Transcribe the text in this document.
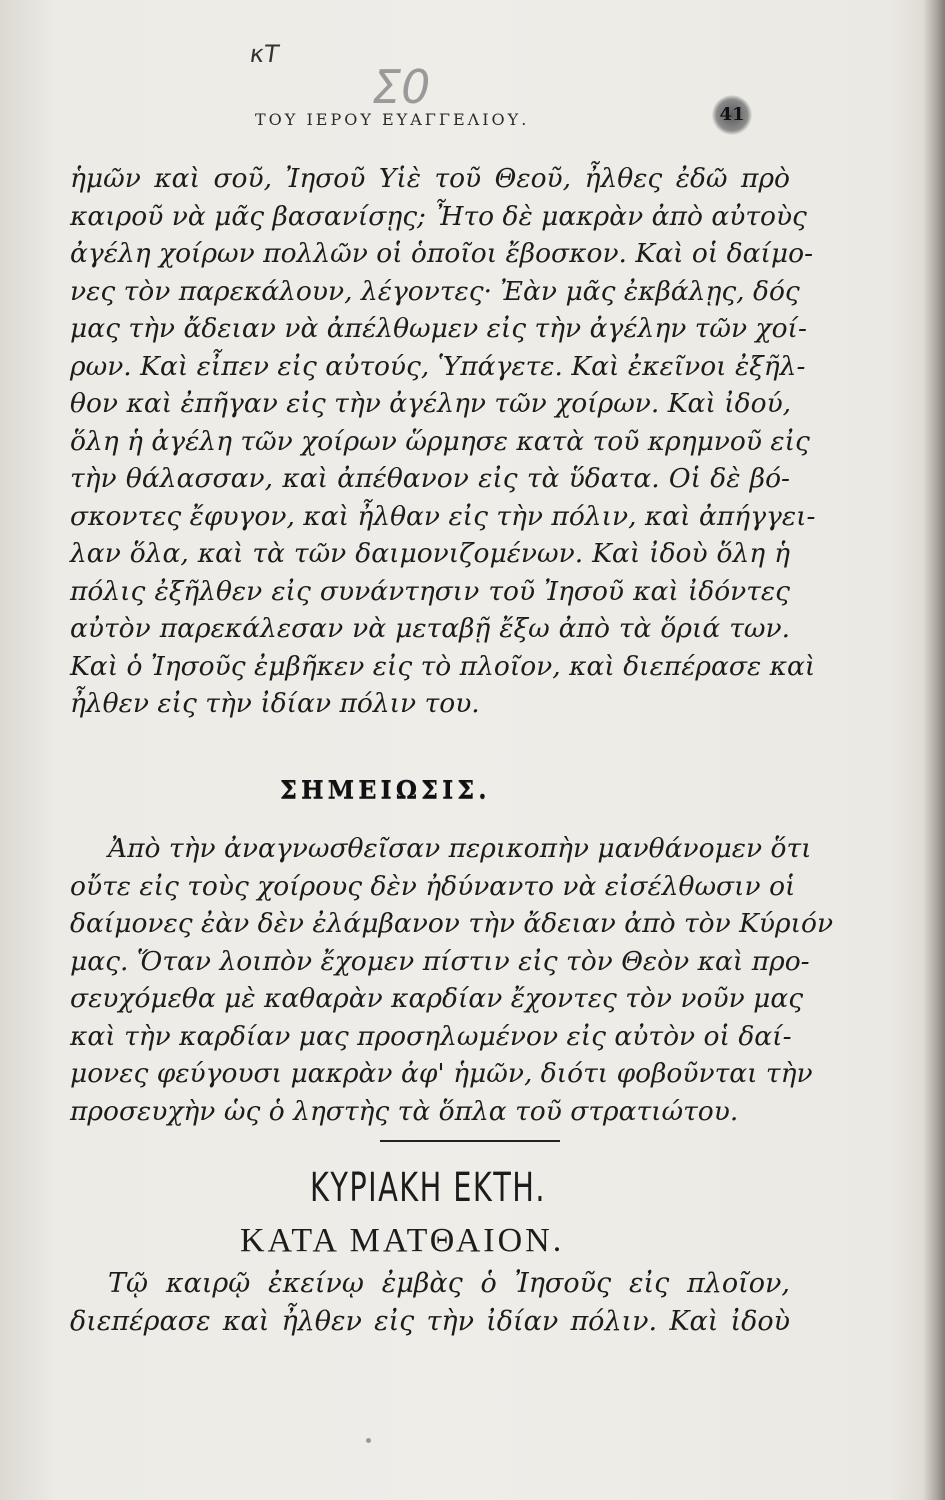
κΤ
Σ0
ΤΟΥ ΙΕΡΟΥ ΕΥΑΓΓΕΛΙΟΥ.	41
ἡμῶν καὶ σοῦ, Ἰησοῦ Υἱὲ τοῦ Θεοῦ, ἦλθες ἐδῶ πρὸ
καιροῦ νὰ μᾶς βασανίσῃς; Ἦτο δὲ μακρὰν ἀπὸ αὐτοὺς
ἀγέλη χοίρων πολλῶν οἱ ὁποῖοι ἔβοσκον. Καὶ οἱ δαίμο-
νες τὸν παρεκάλουν, λέγοντες· Ἐὰν μᾶς ἐκβάλῃς, δός
μας τὴν ἄδειαν νὰ ἀπέλθωμεν εἰς τὴν ἀγέλην τῶν χοί-
ρων. Καὶ εἶπεν εἰς αὐτούς, Ὑπάγετε. Καὶ ἐκεῖνοι ἐξῆλ-
θον καὶ ἐπῆγαν εἰς τὴν ἀγέλην τῶν χοίρων. Καὶ ἰδού,
ὅλη ἡ ἀγέλη τῶν χοίρων ὥρμησε κατὰ τοῦ κρημνοῦ εἰς
τὴν θάλασσαν, καὶ ἀπέθανον εἰς τὰ ὕδατα. Οἱ δὲ βό-
σκοντες ἔφυγον, καὶ ἦλθαν εἰς τὴν πόλιν, καὶ ἀπήγγει-
λαν ὅλα, καὶ τὰ τῶν δαιμονιζομένων. Καὶ ἰδοὺ ὅλη ἡ
πόλις ἐξῆλθεν εἰς συνάντησιν τοῦ Ἰησοῦ καὶ ἰδόντες
αὐτὸν παρεκάλεσαν νὰ μεταβῇ ἔξω ἀπὸ τὰ ὅριά των.
Καὶ ὁ Ἰησοῦς ἐμβῆκεν εἰς τὸ πλοῖον, καὶ διεπέρασε καὶ
ἦλθεν εἰς τὴν ἰδίαν πόλιν του.
ΣΗΜΕΙΩΣΙΣ.
Ἀπὸ τὴν ἀναγνωσθεῖσαν περικοπὴν μανθάνομεν ὅτι
οὔτε εἰς τοὺς χοίρους δὲν ἠδύναντο νὰ εἰσέλθωσιν οἱ
δαίμονες ἐὰν δὲν ἐλάμβανον τὴν ἄδειαν ἀπὸ τὸν Κύριόν
μας. Ὅταν λοιπὸν ἔχομεν πίστιν εἰς τὸν Θεὸν καὶ προ-
σευχόμεθα μὲ καθαρὰν καρδίαν ἔχοντες τὸν νοῦν μας
καὶ τὴν καρδίαν μας προσηλωμένον εἰς αὐτὸν οἱ δαί-
μονες φεύγουσι μακρὰν ἀφ' ἡμῶν, διότι φοβοῦνται τὴν
προσευχὴν ὡς ὁ ληστὴς τὰ ὅπλα τοῦ στρατιώτου.
ΚΥΡΙΑΚΗ ΕΚΤΗ.
ΚΑΤΑ ΜΑΤΘΑΙΟΝ.
Τῷ καιρῷ ἐκείνῳ ἐμβὰς ὁ Ἰησοῦς εἰς πλοῖον,
διεπέρασε καὶ ἦλθεν εἰς τὴν ἰδίαν πόλιν. Καὶ ἰδοὺ
